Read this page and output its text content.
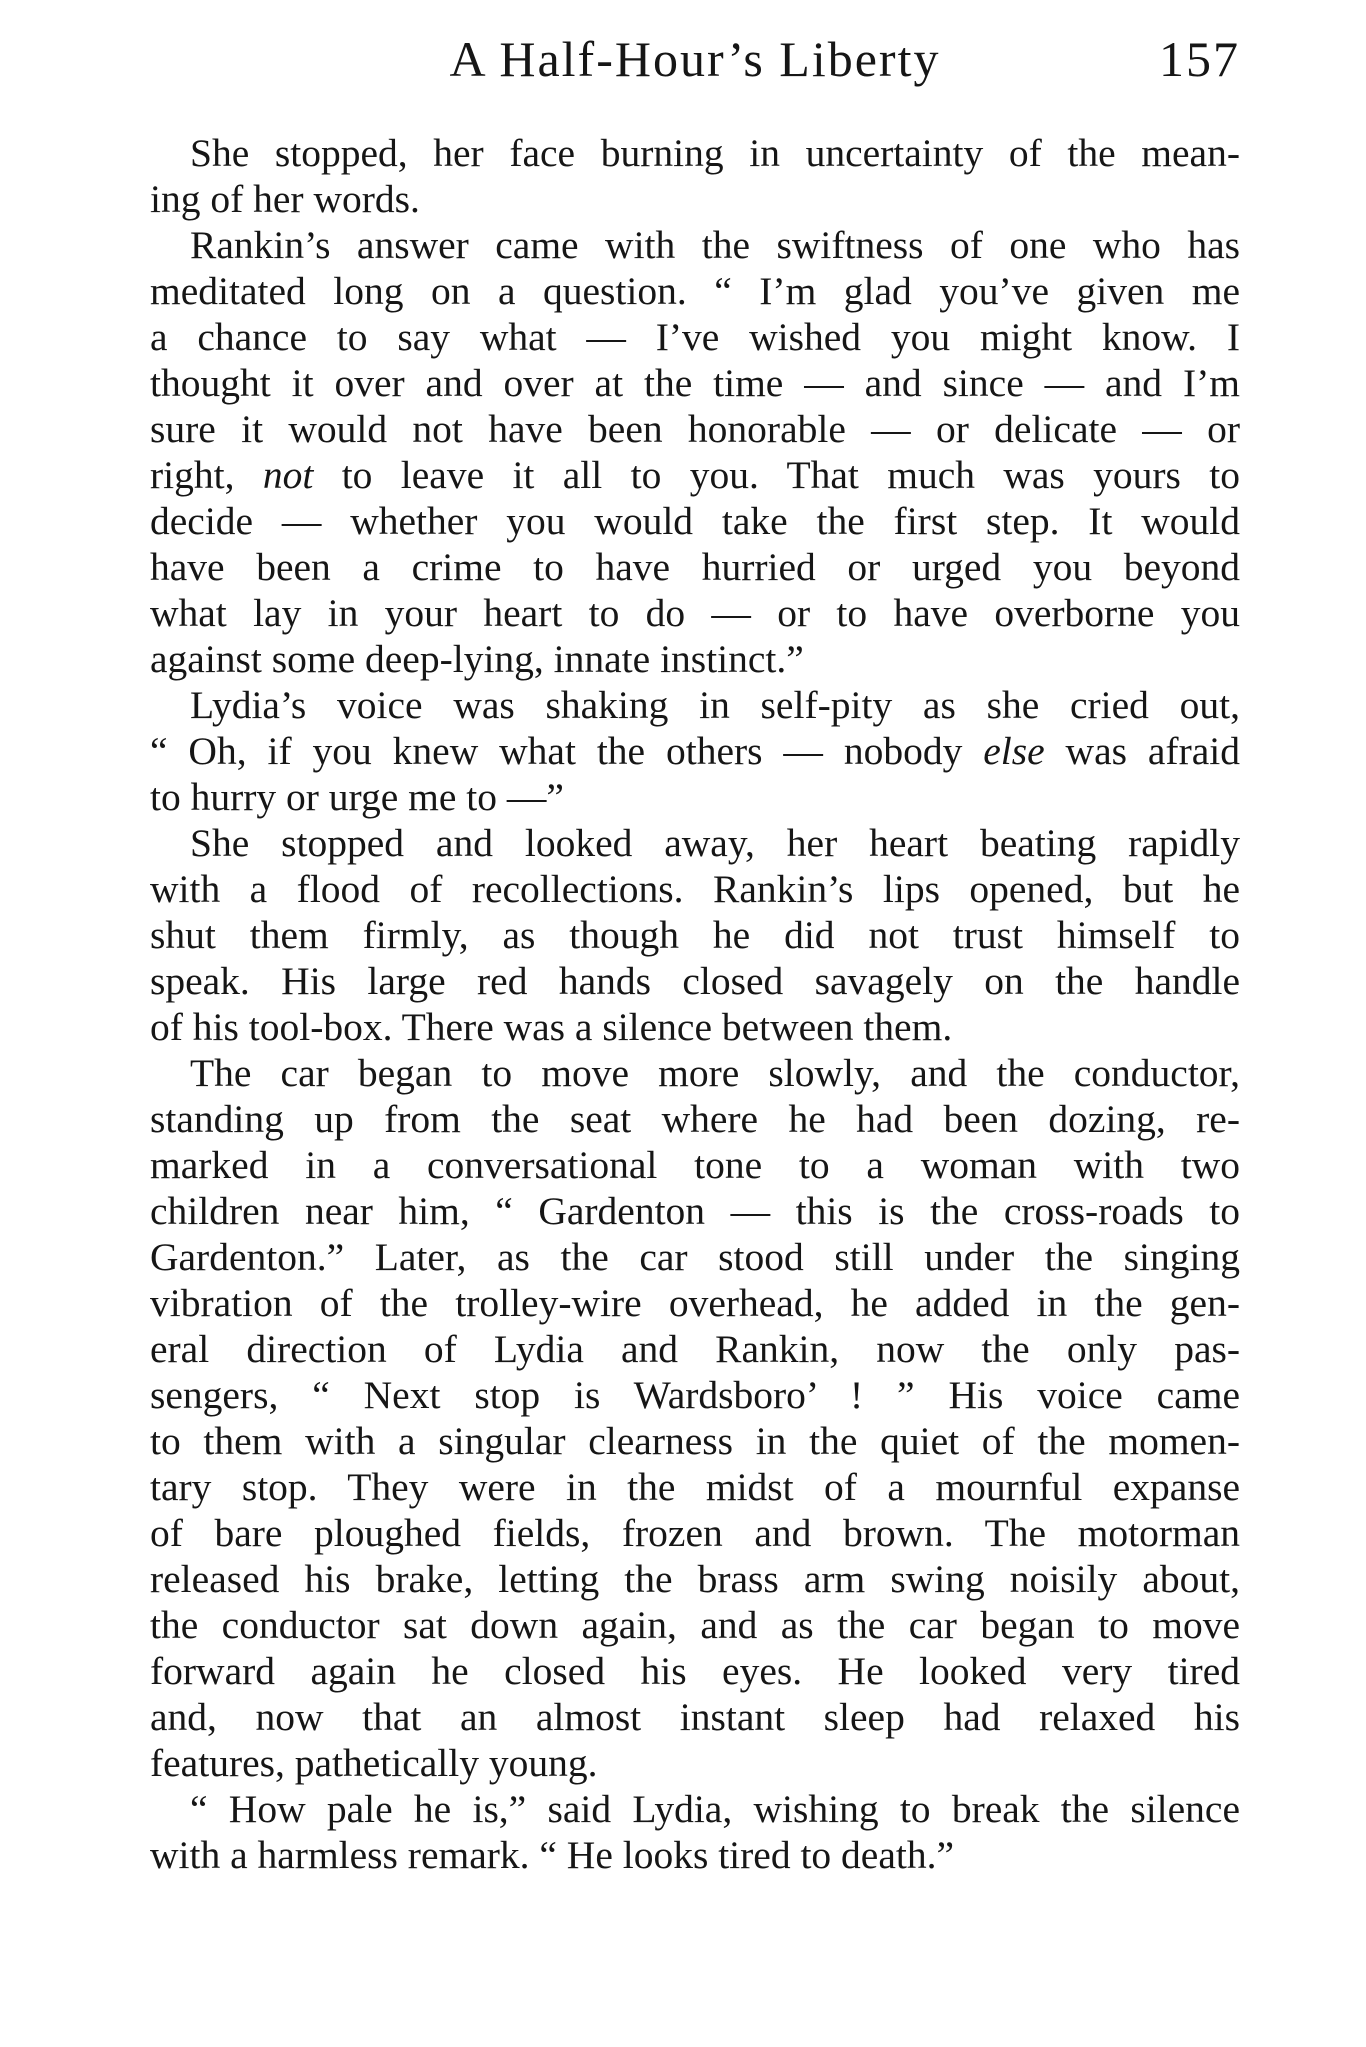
A Half-Hour’s Liberty	157

She stopped, her face burning in uncertainty of the mean-
ing of her words.

Rankin’s answer came with the swiftness of one who has
meditated long on a question. “ I’m glad you’ve given me
a chance to say what — I’ve wished you might know. I
thought it over and over at the time — and since — and I’m
sure it would not have been honorable — or delicate — or
right, not to leave it all to you. That much was yours to
decide — whether you would take the first step. It would
have been a crime to have hurried or urged you beyond
what lay in your heart to do — or to have overborne you
against some deep-lying, innate instinct.”

Lydia’s voice was shaking in self-pity as she cried out,
“ Oh, if you knew what the others — nobody else was afraid
to hurry or urge me to —”

She stopped and looked away, her heart beating rapidly
with a flood of recollections. Rankin’s lips opened, but he
shut them firmly, as though he did not trust himself to
speak. His large red hands closed savagely on the handle
of his tool-box. There was a silence between them.

The car began to move more slowly, and the conductor,
standing up from the seat where he had been dozing, re-
marked in a conversational tone to a woman with two
children near him, “ Gardenton — this is the cross-roads to
Gardenton.” Later, as the car stood still under the singing
vibration of the trolley-wire overhead, he added in the gen-
eral direction of Lydia and Rankin, now the only pas-
sengers, “ Next stop is Wardsboro’ ! ” His voice came
to them with a singular clearness in the quiet of the momen-
tary stop. They were in the midst of a mournful expanse
of bare ploughed fields, frozen and brown. The motorman
released his brake, letting the brass arm swing noisily about,
the conductor sat down again, and as the car began to move
forward again he closed his eyes. He looked very tired
and, now that an almost instant sleep had relaxed his
features, pathetically young.

“ How pale he is,” said Lydia, wishing to break the silence
with a harmless remark. “ He looks tired to death.”
